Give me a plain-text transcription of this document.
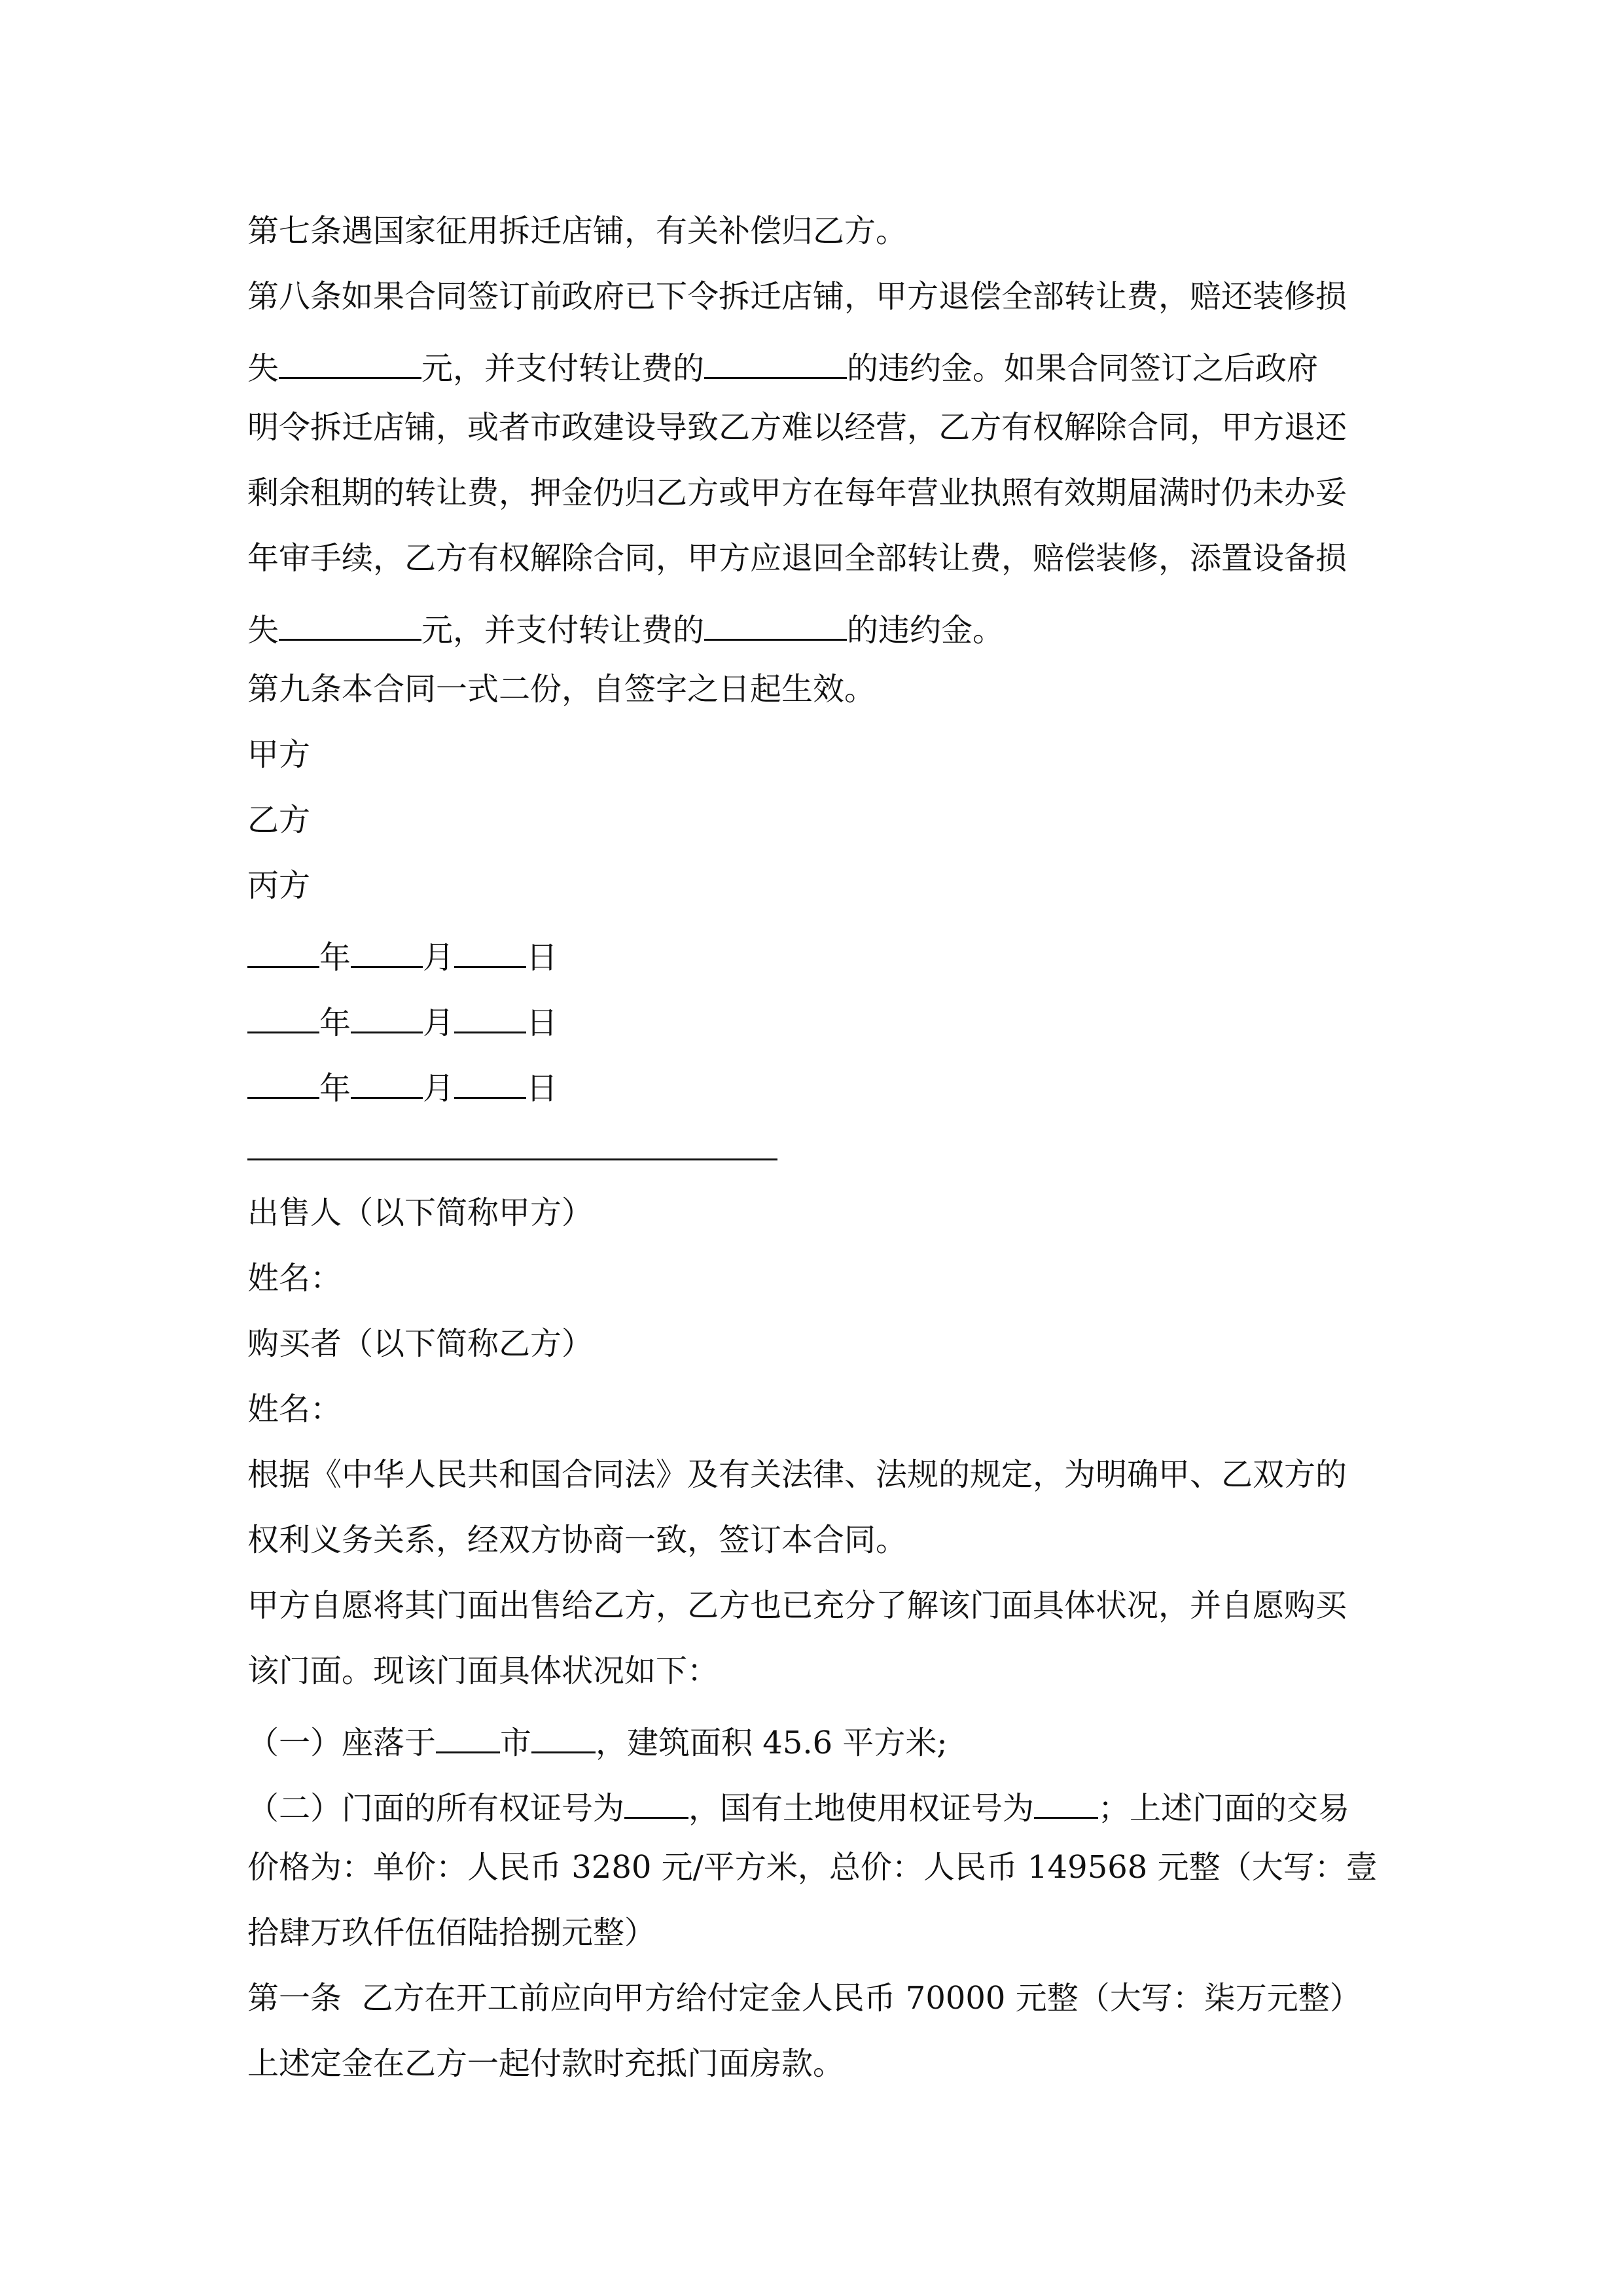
第七条遇国家征用拆迁店铺，有关补偿归乙方。
第八条如果合同签订前政府已下令拆迁店铺，甲方退偿全部转让费，赔还装修损
失	元，并支付转让费的	的违约金。如果合同签订之后政府
明令拆迁店铺，或者市政建设导致乙方难以经营，乙方有权解除合同，甲方退还
剩余租期的转让费，押金仍归乙方或甲方在每年营业执照有效期届满时仍未办妥
年审手续，乙方有权解除合同，甲方应退回全部转让费，赔偿装修，添置设备损
失	元，并支付转让费的	的违约金。
第九条本合同一式二份，自签字之日起生效。
甲方
乙方
丙方
年 月 日
年 月 日
年 月 日
出售人（以下简称甲方）
姓名：
购买者（以下简称乙方）
姓名：
根据《中华人民共和国合同法》及有关法律、法规的规定，为明确甲、乙双方的
权利义务关系，经双方协商一致，签订本合同。
甲方自愿将其门面出售给乙方，乙方也已充分了解该门面具体状况，并自愿购买
该门面。现该门面具体状况如下：
（一）座落于 市 ，建筑面积 45.6 平方米;
（二）门面的所有权证号为 ，国有土地使用权证号为 ；上述门面的交易
价格为：单价：人民币 3280 元/平方米，总价：人民币 149568 元整（大写：壹
拾肆万玖仟伍佰陆拾捌元整）
第一条  乙方在开工前应向甲方给付定金人民币 70000 元整（大写：柒万元整）
上述定金在乙方一起付款时充抵门面房款。
